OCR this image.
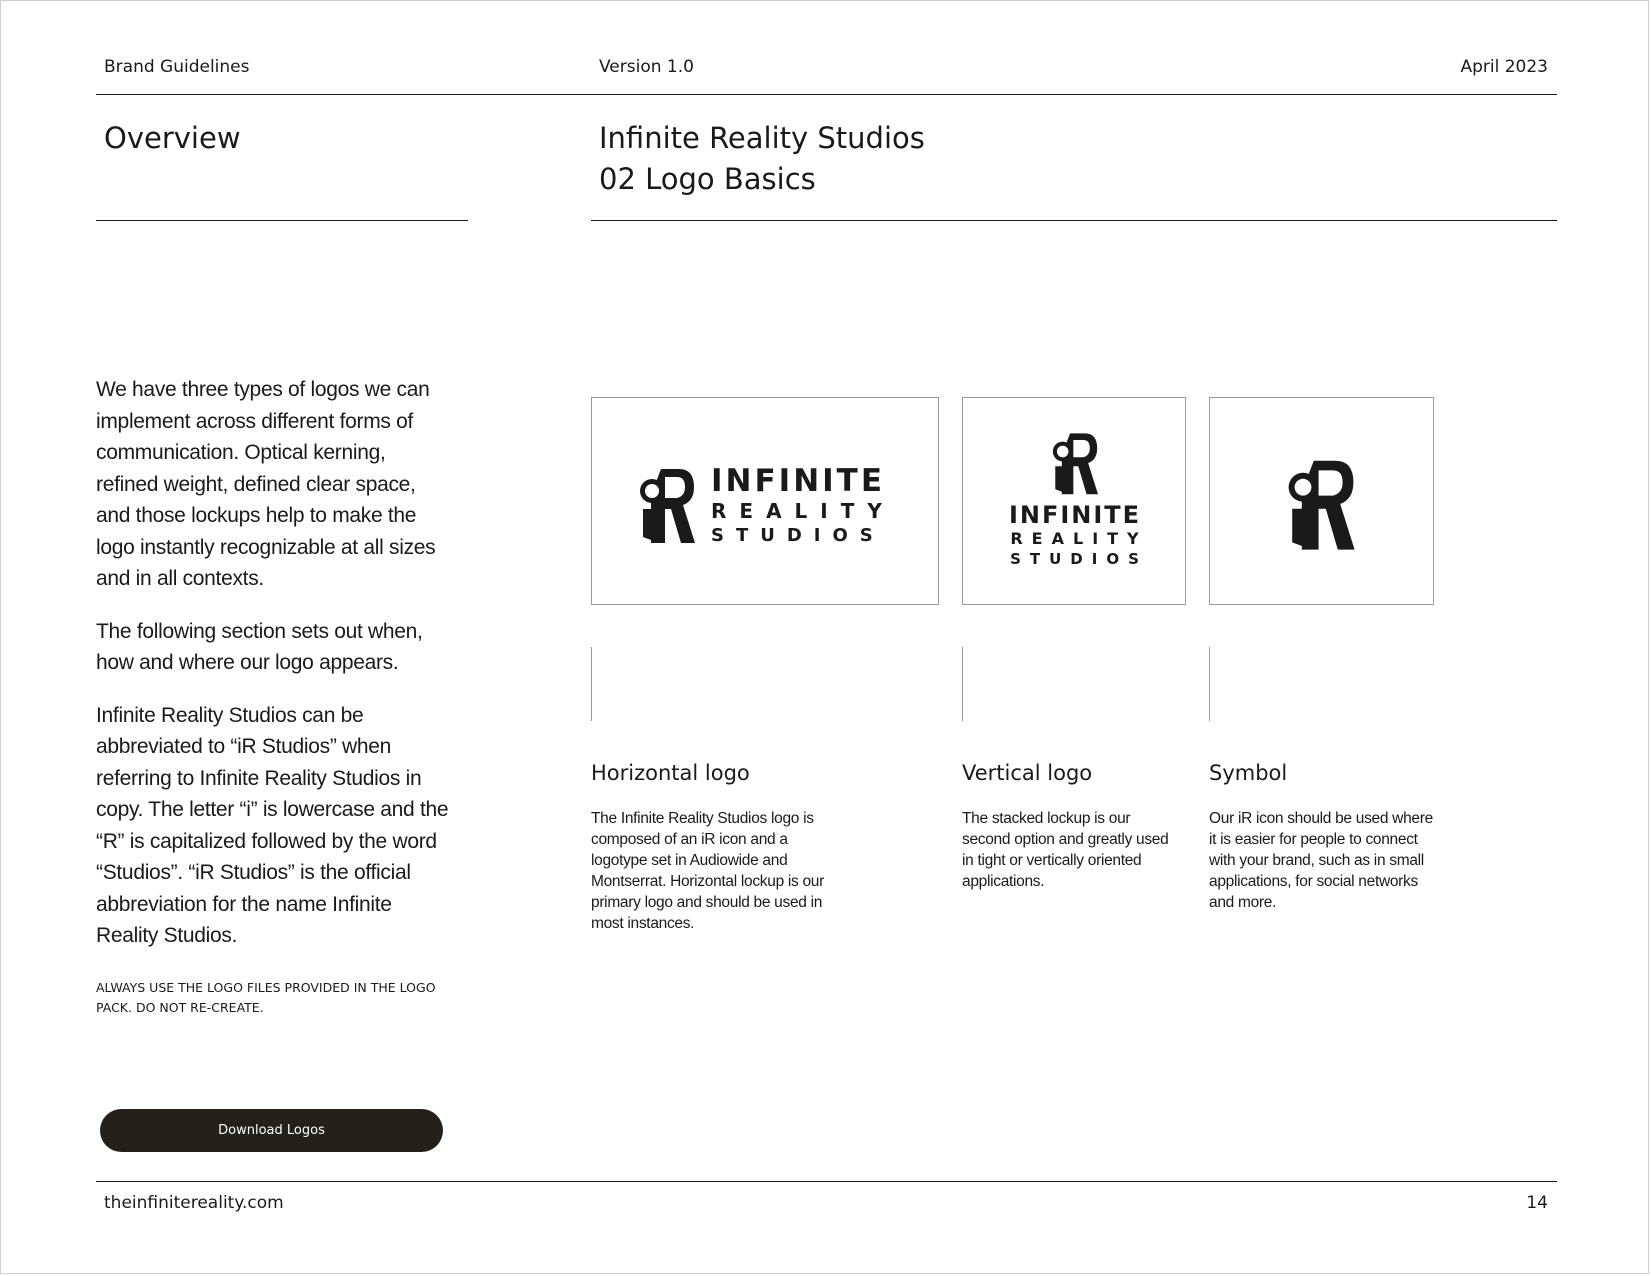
Brand Guidelines	Version 1.0	April 2023
Overview	Infinite Reality Studios
02 Logo Basics

We have three types of logos we can implement across different forms of communication. Optical kerning, refined weight, defined clear space, and those lockups help to make the logo instantly recognizable at all sizes and in all contexts.

The following section sets out when, how and where our logo appears.

Infinite Reality Studios can be abbreviated to “iR Studios” when referring to Infinite Reality Studios in copy. The letter “i” is lowercase and the “R” is capitalized followed by the word “Studios”. “iR Studios” is the official abbreviation for the name Infinite Reality Studios.

ALWAYS USE THE LOGO FILES PROVIDED IN THE LOGO PACK. DO NOT RE-CREATE.
Download Logos
INFINITE
REALITY
STUDIOS
INFINITE
REALITY
STUDIOS
Horizontal logo
The Infinite Reality Studios logo is composed of an iR icon and a logotype set in Audiowide and Montserrat. Horizontal lockup is our primary logo and should be used in most instances.
Vertical logo
The stacked lockup is our second option and greatly used in tight or vertically oriented applications.
Symbol
Our iR icon should be used where it is easier for people to connect with your brand, such as in small applications, for social networks and more.
theinfinitereality.com	14
